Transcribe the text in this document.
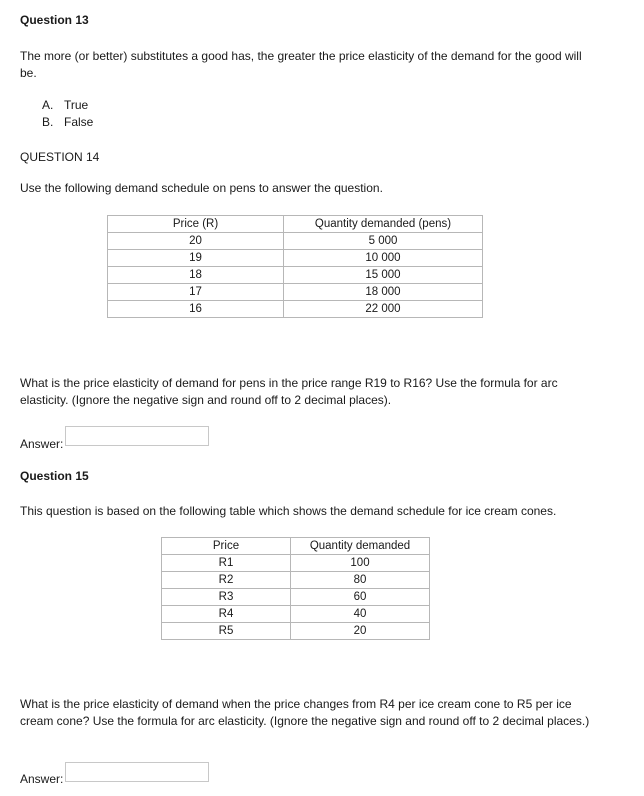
Question 13

The more (or better) substitutes a good has, the greater the price elasticity of the demand for the good will be.

A. True
B. False
QUESTION 14

Use the following demand schedule on pens to answer the question.

Price (R)	Quantity demanded (pens)
20	5 000
19	10 000
18	15 000
17	18 000
16	22 000

What is the price elasticity of demand for pens in the price range R19 to R16? Use the formula for arc elasticity. (Ignore the negative sign and round off to 2 decimal places).

Answer:
Question 15

This question is based on the following table which shows the demand schedule for ice cream cones.

Price	Quantity demanded
R1	100
R2	80
R3	60
R4	40
R5	20

What is the price elasticity of demand when the price changes from R4 per ice cream cone to R5 per ice cream cone? Use the formula for arc elasticity. (Ignore the negative sign and round off to 2 decimal places.)

Answer:
